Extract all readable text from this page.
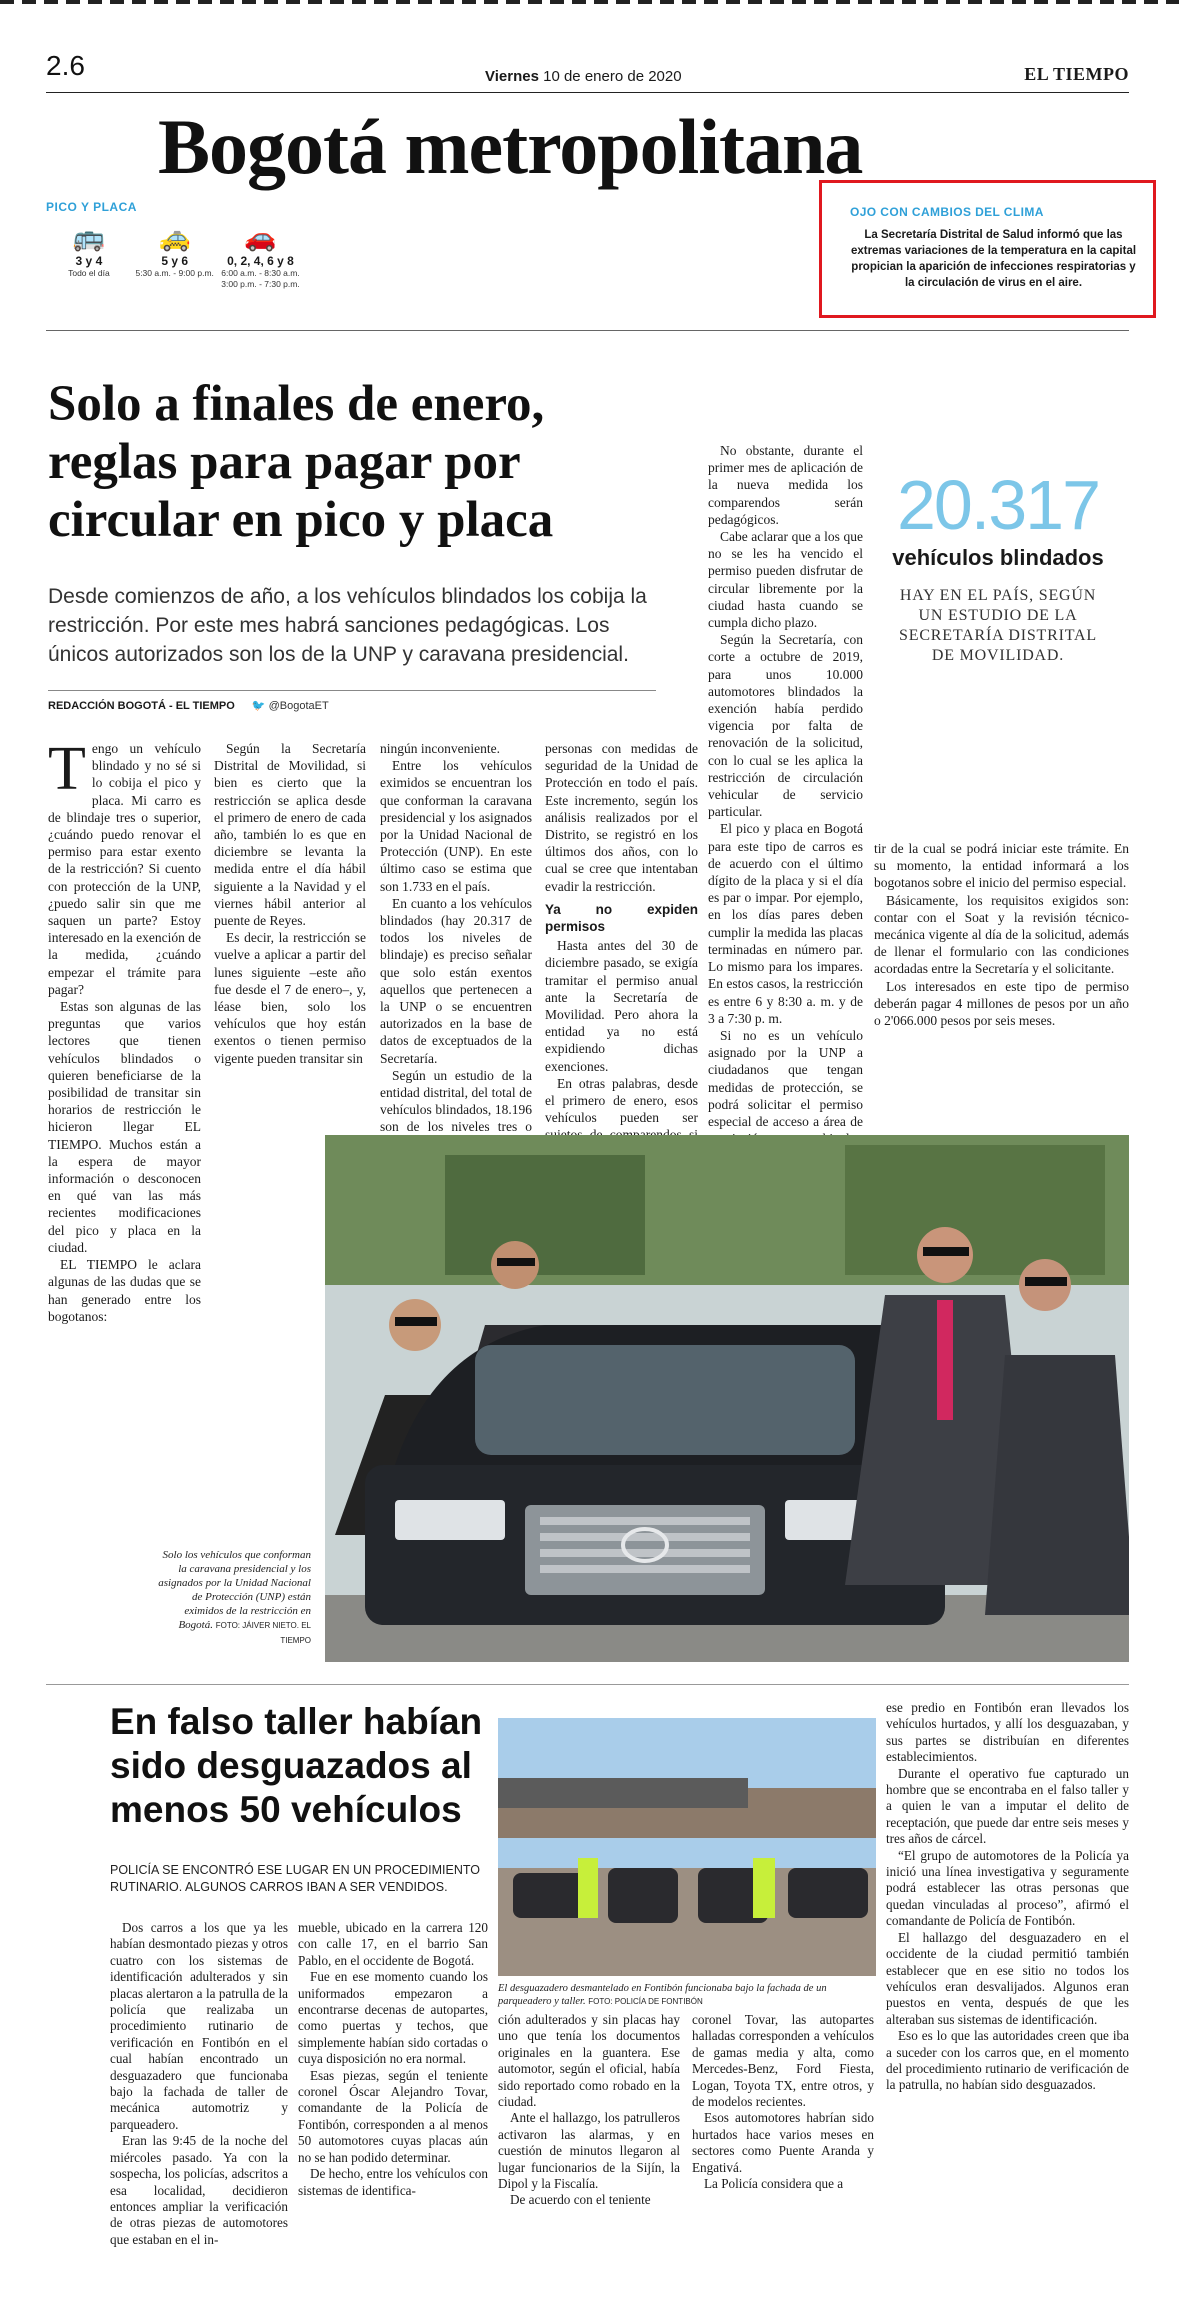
2.6	Viernes 10 de enero de 2020	EL TIEMPO
Bogotá metropolitana
PICO Y PLACA
🚌
3 y 4
Todo el día
🚕
5 y 6
5:30 a.m. - 9:00 p.m.
🚗
0, 2, 4, 6 y 8
6:00 a.m. - 8:30 a.m. 3:00 p.m. - 7:30 p.m.
OJO CON CAMBIOS DEL CLIMA
La Secretaría Distrital de Salud informó que las extremas variaciones de la temperatura en la capital propician la aparición de infecciones respiratorias y la circulación de virus en el aire.
Solo a finales de enero, reglas para pagar por circular en pico y placa
Desde comienzos de año, a los vehículos blindados los cobija la restricción. Por este mes habrá sanciones pedagógicas. Los únicos autorizados son los de la UNP y caravana presidencial.
REDACCIÓN BOGOTÁ - EL TIEMPO 🐦 @BogotaET
T engo un vehículo blindado y no sé si lo cobija el pico y placa. Mi carro es de blindaje tres o superior, ¿cuándo puedo renovar el permiso para estar exento de la restricción? Si cuento con protección de la UNP, ¿puedo salir sin que me saquen un parte? Estoy interesado en la exención de la medida, ¿cuándo empezar el trámite para pagar?

Estas son algunas de las preguntas que varios lectores que tienen vehículos blindados o quieren beneficiarse de la posibilidad de transitar sin horarios de restricción le hicieron llegar EL TIEMPO. Muchos están a la espera de mayor información o desconocen en qué van las más recientes modificaciones del pico y placa en la ciudad.

EL TIEMPO le aclara algunas de las dudas que se han generado entre los bogotanos:

Según la Secretaría Distrital de Movilidad, si bien es cierto que la restricción se aplica desde el primero de enero de cada año, también lo es que en diciembre se levanta la medida entre el día hábil siguiente a la Navidad y el viernes hábil anterior al puente de Reyes.

Es decir, la restricción se vuelve a aplicar a partir del lunes siguiente –este año fue desde el 7 de enero–, y, léase bien, solo los vehículos que hoy están exentos o tienen permiso vigente pueden transitar sin

ningún inconveniente.

Entre los vehículos eximidos se encuentran los que conforman la caravana presidencial y los asignados por la Unidad Nacional de Protección (UNP). En este último caso se estima que son 1.733 en el país.

En cuanto a los vehículos blindados (hay 20.317 de todos los niveles de blindaje) es preciso señalar que solo están exentos aquellos que pertenecen a la UNP o se encuentren autorizados en la base de datos de exceptuados de la Secretaría.

Según un estudio de la entidad distrital, del total de vehículos blindados, 18.196 son de los niveles tres o

personas con medidas de seguridad de la Unidad de Protección en todo el país. Este incremento, según los análisis realizados por el Distrito, se registró en los últimos dos años, con lo cual se cree que intentaban evadir la restricción.

Ya no expiden permisos

Hasta antes del 30 de diciembre pasado, se exigía tramitar el permiso anual ante la Secretaría de Movilidad. Pero ahora la entidad ya no está expidiendo dichas exenciones.

En otras palabras, desde el primero de enero, esos vehículos pueden ser

No obstante, durante el primer mes de aplicación de la nueva medida los comparendos serán pedagógicos.

Cabe aclarar que a los que no se les ha vencido el permiso pueden disfrutar de circular libremente por la ciudad hasta cuando se cumpla dicho plazo.

Según la Secretaría, con corte a octubre de 2019, para unos 10.000 automotores blindados la exención había perdido vigencia por falta de renovación de la solicitud, con lo cual se les aplica la restricción de circulación vehicular de servicio particular.

El pico y placa en Bogotá para este tipo de carros es de acuerdo con el último dígito de la placa y si el día es par o impar. Por ejemplo, en los días pares deben cumplir la medida las placas terminadas en número par. Lo mismo para los impares. En estos casos, la restricción es entre 6 y 8:30 a. m. y de 3 a 7:30 p. m.

Si no es un vehículo asignado por la UNP a ciudadanos que tengan medidas de protección, se podrá solicitar el permiso especial de acceso a área de

tir de la cual se podrá iniciar este trámite. En su momento, la entidad informará a los bogotanos sobre el inicio del permiso especial.

Básicamente, los requisitos exigidos son: contar con el Soat y la revisión técnico-mecánica vigente al día de la solicitud, además de llenar el formulario con las condiciones acordadas entre la Secretaría y el solicitante.

Los interesados en este tipo de permiso deberán pagar 4 millones de pesos por un año o 2'066.000 pesos por seis meses.

20.317
vehículos blindados
HAY EN EL PAÍS, SEGÚN UN ESTUDIO DE LA SECRETARÍA DISTRITAL DE MOVILIDAD.
Solo los vehículos que conforman la caravana presidencial y los asignados por la Unidad Nacional de Protección (UNP) están eximidos de la restricción en Bogotá. FOTO: JÁIVER NIETO. EL TIEMPO
En falso taller habían sido desguazados al menos 50 vehículos
POLICÍA SE ENCONTRÓ ESE LUGAR EN UN PROCEDIMIENTO RUTINARIO. ALGUNOS CARROS IBAN A SER VENDIDOS.
El desguazadero desmantelado en Fontibón funcionaba bajo la fachada de un parqueadero y taller. FOTO: POLICÍA DE FONTIBÓN

Dos carros a los que ya les habían desmontado piezas y otros cuatro con los sistemas de identificación adulterados y sin placas alertaron a la patrulla de la policía que realizaba un procedimiento rutinario de verificación en Fontibón en el cual habían encontrado un desguazadero que funcionaba bajo la fachada de taller de mecánica automotriz y parqueadero.

Eran las 9:45 de la noche del miércoles pasado. Ya con la sospecha, los policías, adscritos a esa localidad, decidieron entonces ampliar la verificación de otras piezas de automotores que estaban en el in-

mueble, ubicado en la carrera 120 con calle 17, en el barrio San Pablo, en el occidente de Bogotá.

Fue en ese momento cuando los uniformados empezaron a encontrarse decenas de autopartes, como puertas y techos, que simplemente habían sido cortadas o cuya disposición no era normal.

Esas piezas, según el teniente coronel Óscar Alejandro Tovar, comandante de la Policía de Fontibón, corresponden a al menos 50 automotores cuyas placas aún no se han podido determinar.

De hecho, entre los vehículos con sistemas de identifica-

ción adulterados y sin placas hay uno que tenía los documentos originales en la guantera. Ese automotor, según el oficial, había sido reportado como robado en la ciudad.

Ante el hallazgo, los patrulleros activaron las alarmas, y en cuestión de minutos llegaron al lugar funcionarios de la Sijín, la Dipol y la Fiscalía.

De acuerdo con el teniente

coronel Tovar, las autopartes halladas corresponden a vehículos de gamas media y alta, como Mercedes-Benz, Ford Fiesta, Logan, Toyota TX, entre otros, y de modelos recientes.

Esos automotores habrían sido hurtados hace varios meses en sectores como Puente Aranda y Engativá.

La Policía considera que a

ese predio en Fontibón eran llevados los vehículos hurtados, y allí los desguazaban, y sus partes se distribuían en diferentes establecimientos.

Durante el operativo fue capturado un hombre que se encontraba en el falso taller y a quien le van a imputar el delito de receptación, que puede dar entre seis meses y tres años de cárcel.

“El grupo de automotores de la Policía ya inició una línea investigativa y seguramente podrá establecer las otras personas que quedan vinculadas al proceso”, afirmó el comandante de Policía de Fontibón.

El hallazgo del desguazadero en el occidente de la ciudad permitió también establecer que en ese sitio no todos los vehículos eran desvalijados. Algunos eran puestos en venta, después de que les alteraban sus sistemas de identificación.

Eso es lo que las autoridades creen que iba a suceder con los carros que, en el momento del procedimiento rutinario de verificación de la patrulla, no habían sido desguazados.
